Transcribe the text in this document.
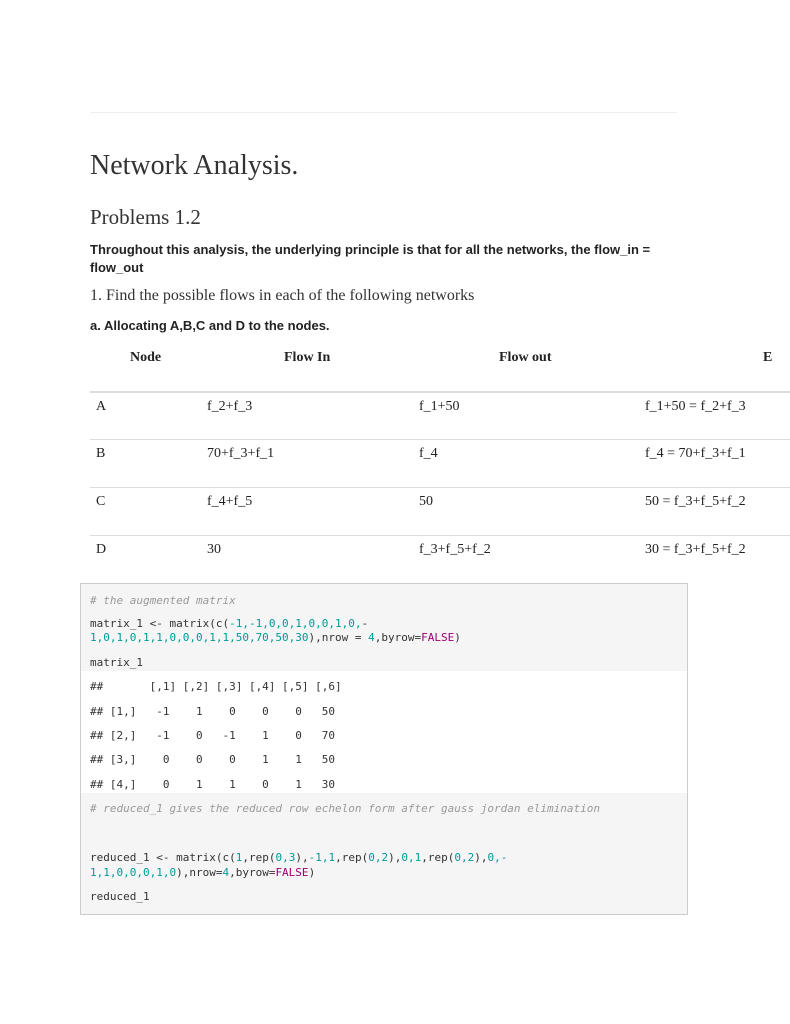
Network Analysis.
Problems 1.2
Throughout this analysis, the underlying principle is that for all the networks, the flow_in = flow_out
1. Find the possible flows in each of the following networks
a. Allocating A,B,C and D to the nodes.
Node	Flow In	Flow out	E
A	f_2+f_3	f_1+50	f_1+50 = f_2+f_3
B	70+f_3+f_1	f_4	f_4 = 70+f_3+f_1
C	f_4+f_5	50	50 = f_3+f_5+f_2
D	30	f_3+f_5+f_2	30 = f_3+f_5+f_2
# the augmented matrix
matrix_1 <- matrix(c(-1,-1,0,0,1,0,0,1,0,-
1,0,1,0,1,1,0,0,0,1,1,50,70,50,30),nrow = 4,byrow=FALSE)
matrix_1
##       [,1] [,2] [,3] [,4] [,5] [,6]
## [1,]   -1    1    0    0    0   50
## [2,]   -1    0   -1    1    0   70
## [3,]    0    0    0    1    1   50
## [4,]    0    1    1    0    1   30
# reduced_1 gives the reduced row echelon form after gauss jordan elimination
reduced_1 <- matrix(c(1,rep(0,3),-1,1,rep(0,2),0,1,rep(0,2),0,-
1,1,0,0,0,1,0),nrow=4,byrow=FALSE)
reduced_1
